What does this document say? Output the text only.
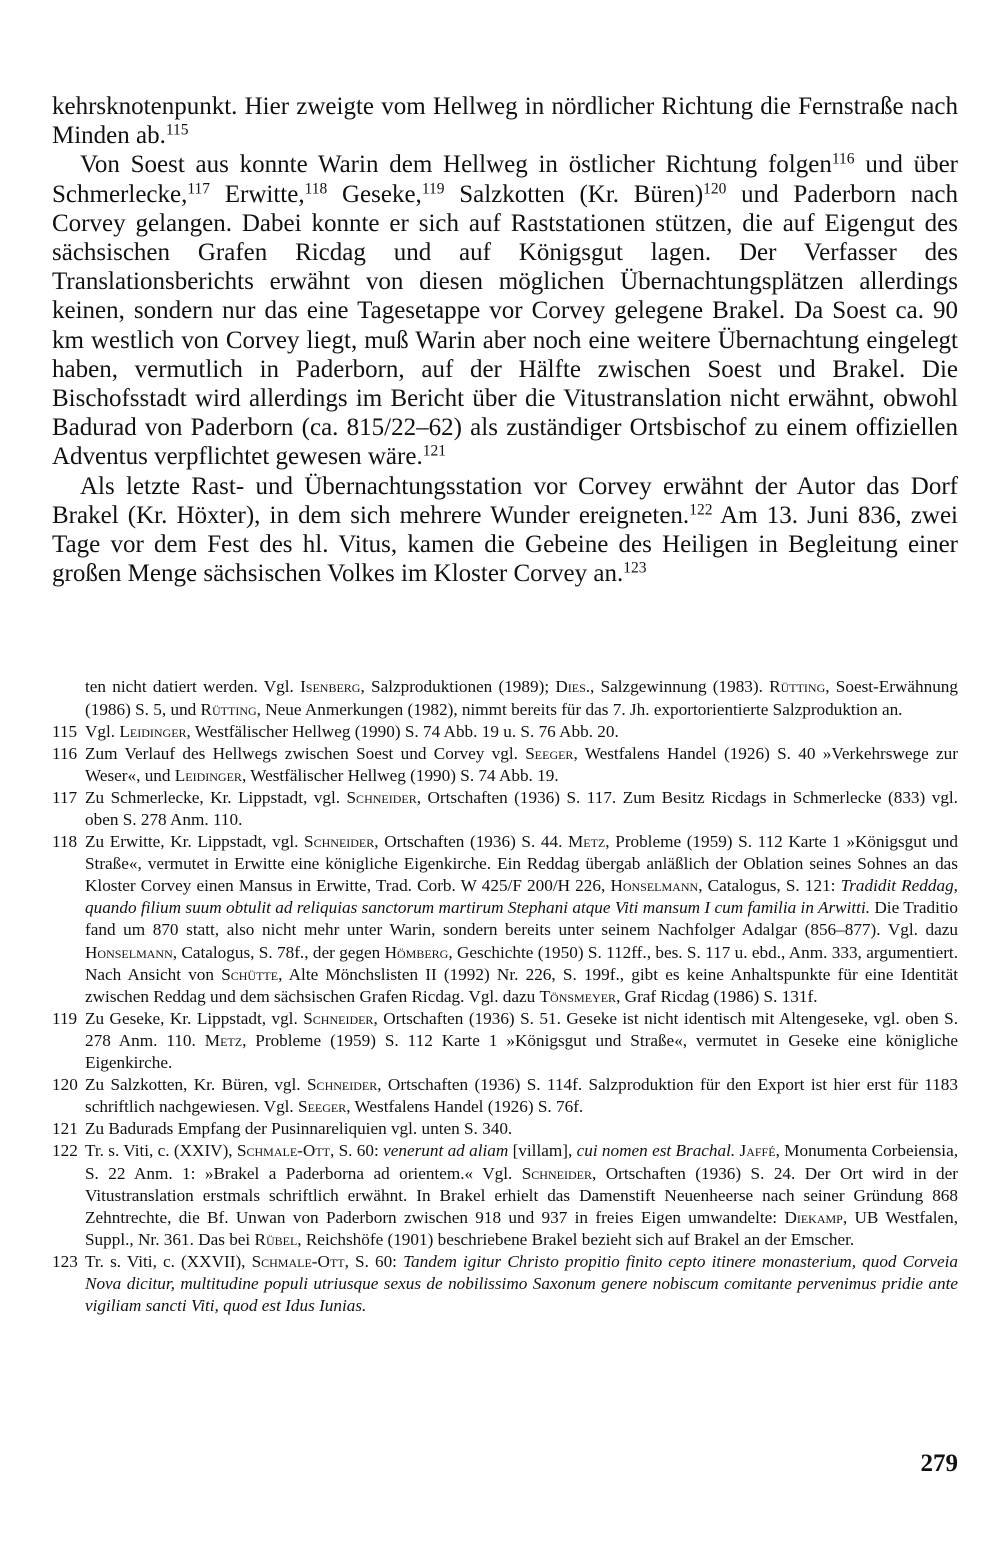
kehrsknotenpunkt. Hier zweigte vom Hellweg in nördlicher Richtung die Fernstraße nach Minden ab.$^{115}$

Von Soest aus konnte Warin dem Hellweg in östlicher Richtung folgen$^{116}$ und über Schmerlecke,$^{117}$ Erwitte,$^{118}$ Geseke,$^{119}$ Salzkotten (Kr. Büren)$^{120}$ und Paderborn nach Corvey gelangen. Dabei konnte er sich auf Raststationen stützen, die auf Eigengut des sächsischen Grafen Ricdag und auf Königsgut lagen. Der Verfasser des Translationsberichts erwähnt von diesen möglichen Übernachtungsplätzen allerdings keinen, sondern nur das eine Tagesetappe vor Corvey gelegene Brakel. Da Soest ca. 90 km westlich von Corvey liegt, muß Warin aber noch eine weitere Übernachtung eingelegt haben, vermutlich in Paderborn, auf der Hälfte zwischen Soest und Brakel. Die Bischofsstadt wird allerdings im Bericht über die Vitustranslation nicht erwähnt, obwohl Badurad von Paderborn (ca. 815/22–62) als zuständiger Ortsbischof zu einem offiziellen Adventus verpflichtet gewesen wäre.$^{121}$

Als letzte Rast- und Übernachtungsstation vor Corvey erwähnt der Autor das Dorf Brakel (Kr. Höxter), in dem sich mehrere Wunder ereigneten.$^{122}$ Am 13. Juni 836, zwei Tage vor dem Fest des hl. Vitus, kamen die Gebeine des Heiligen in Begleitung einer großen Menge sächsischen Volkes im Kloster Corvey an.$^{123}$

ten nicht datiert werden. Vgl. Isenberg, Salzproduktionen (1989); Dies., Salzgewinnung (1983). Rütting, Soest-Erwähnung (1986) S. 5, und Rütting, Neue Anmerkungen (1982), nimmt bereits für das 7. Jh. exportorientierte Salzproduktion an.

115 Vgl. Leidinger, Westfälischer Hellweg (1990) S. 74 Abb. 19 u. S. 76 Abb. 20.
116 Zum Verlauf des Hellwegs zwischen Soest und Corvey vgl. Seeger, Westfalens Handel (1926) S. 40 »Verkehrswege zur Weser«, und Leidinger, Westfälischer Hellweg (1990) S. 74 Abb. 19.
117 Zu Schmerlecke, Kr. Lippstadt, vgl. Schneider, Ortschaften (1936) S. 117. Zum Besitz Ricdags in Schmerlecke (833) vgl. oben S. 278 Anm. 110.
118 Zu Erwitte, Kr. Lippstadt, vgl. Schneider, Ortschaften (1936) S. 44. Metz, Probleme (1959) S. 112 Karte 1 »Königsgut und Straße«, vermutet in Erwitte eine königliche Eigenkirche. Ein Reddag übergab anläßlich der Oblation seines Sohnes an das Kloster Corvey einen Mansus in Erwitte, Trad. Corb. W 425/F 200/H 226, Honselmann, Catalogus, S. 121: Tradidit Reddag, quando filium suum obtulit ad reliquias sanctorum martirum Stephani atque Viti mansum I cum familia in Arwitti. Die Traditio fand um 870 statt, also nicht mehr unter Warin, sondern bereits unter seinem Nachfolger Adalgar (856–877). Vgl. dazu Honselmann, Catalogus, S. 78f., der gegen Hömberg, Geschichte (1950) S. 112ff., bes. S. 117 u. ebd., Anm. 333, argumentiert. Nach Ansicht von Schütte, Alte Mönchslisten II (1992) Nr. 226, S. 199f., gibt es keine Anhaltspunkte für eine Identität zwischen Reddag und dem sächsischen Grafen Ricdag. Vgl. dazu Tönsmeyer, Graf Ricdag (1986) S. 131f.
119 Zu Geseke, Kr. Lippstadt, vgl. Schneider, Ortschaften (1936) S. 51. Geseke ist nicht identisch mit Altengeseke, vgl. oben S. 278 Anm. 110. Metz, Probleme (1959) S. 112 Karte 1 »Königsgut und Straße«, vermutet in Geseke eine königliche Eigenkirche.
120 Zu Salzkotten, Kr. Büren, vgl. Schneider, Ortschaften (1936) S. 114f. Salzproduktion für den Export ist hier erst für 1183 schriftlich nachgewiesen. Vgl. Seeger, Westfalens Handel (1926) S. 76f.
121 Zu Badurads Empfang der Pusinnareliquien vgl. unten S. 340.
122 Tr. s. Viti, c. (XXIV), Schmale-Ott, S. 60: venerunt ad aliam [villam], cui nomen est Brachal. Jaffé, Monumenta Corbeiensia, S. 22 Anm. 1: »Brakel a Paderborna ad orientem.« Vgl. Schneider, Ortschaften (1936) S. 24. Der Ort wird in der Vitustranslation erstmals schriftlich erwähnt. In Brakel erhielt das Damenstift Neuenheerse nach seiner Gründung 868 Zehntrechte, die Bf. Unwan von Paderborn zwischen 918 und 937 in freies Eigen umwandelte: Diekamp, UB Westfalen, Suppl., Nr. 361. Das bei Rübel, Reichshöfe (1901) beschriebene Brakel bezieht sich auf Brakel an der Emscher.
123 Tr. s. Viti, c. (XXVII), Schmale-Ott, S. 60: Tandem igitur Christo propitio finito cepto itinere monasterium, quod Corveia Nova dicitur, multitudine populi utriusque sexus de nobilissimo Saxonum genere nobiscum comitante pervenimus pridie ante vigiliam sancti Viti, quod est Idus Iunias.
279
